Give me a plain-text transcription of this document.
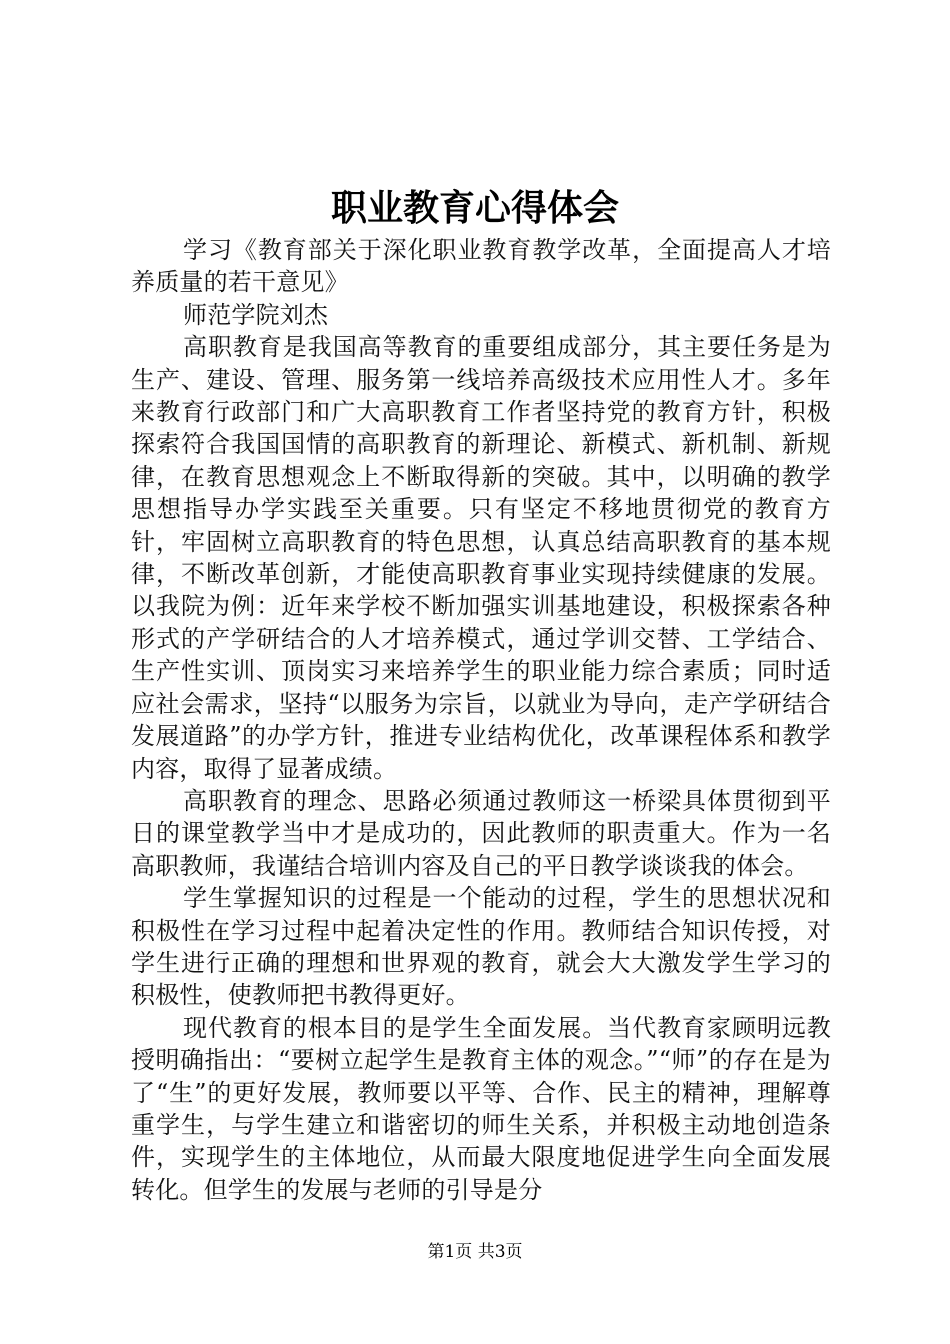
职业教育心得体会

学习《教育部关于深化职业教育教学改革，全面提高人才培养质量的若干意见》

师范学院刘杰

高职教育是我国高等教育的重要组成部分，其主要任务是为生产、建设、管理、服务第一线培养高级技术应用性人才。多年来教育行政部门和广大高职教育工作者坚持党的教育方针，积极探索符合我国国情的高职教育的新理论、新模式、新机制、新规律，在教育思想观念上不断取得新的突破。其中，以明确的教学思想指导办学实践至关重要。只有坚定不移地贯彻党的教育方针，牢固树立高职教育的特色思想，认真总结高职教育的基本规律，不断改革创新，才能使高职教育事业实现持续健康的发展。以我院为例：近年来学校不断加强实训基地建设，积极探索各种形式的产学研结合的人才培养模式，通过学训交替、工学结合、生产性实训、顶岗实习来培养学生的职业能力综合素质；同时适应社会需求，坚持“以服务为宗旨，以就业为导向，走产学研结合发展道路”的办学方针，推进专业结构优化，改革课程体系和教学内容，取得了显著成绩。

高职教育的理念、思路必须通过教师这一桥梁具体贯彻到平日的课堂教学当中才是成功的，因此教师的职责重大。作为一名高职教师，我谨结合培训内容及自己的平日教学谈谈我的体会。

学生掌握知识的过程是一个能动的过程，学生的思想状况和积极性在学习过程中起着决定性的作用。教师结合知识传授，对学生进行正确的理想和世界观的教育，就会大大激发学生学习的积极性，使教师把书教得更好。

现代教育的根本目的是学生全面发展。当代教育家顾明远教授明确指出：“要树立起学生是教育主体的观念。”“师”的存在是为了“生”的更好发展，教师要以平等、合作、民主的精神，理解尊重学生，与学生建立和谐密切的师生关系，并积极主动地创造条件，实现学生的主体地位，从而最大限度地促进学生向全面发展转化。但学生的发展与老师的引导是分

第1页 共3页
